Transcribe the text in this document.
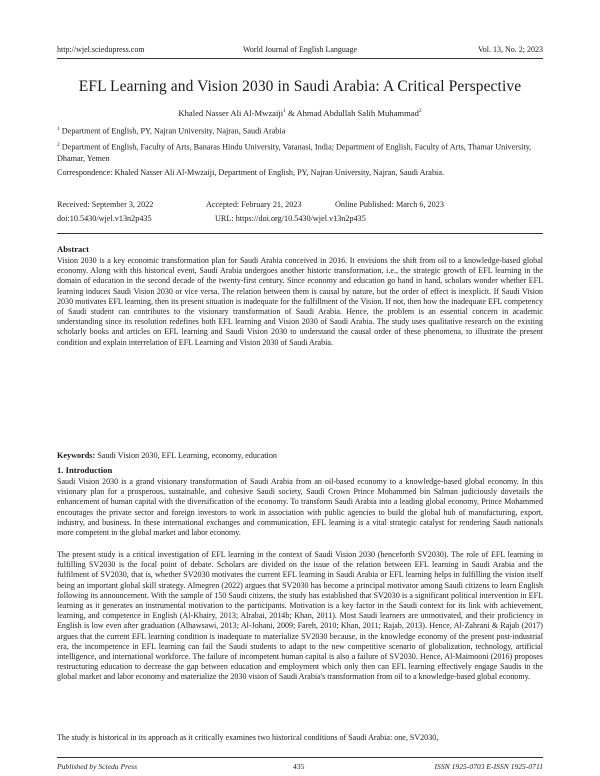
http://wjel.sciedupress.com	World Journal of English Language	Vol. 13, No. 2; 2023
EFL Learning and Vision 2030 in Saudi Arabia: A Critical Perspective
Khaled Nasser Ali Al-Mwzaiji$^1$ & Ahmad Abdullah Salih Muhammad$^2$
$^1$ Department of English, PY, Najran University, Najran, Saudi Arabia
$^2$ Department of English, Faculty of Arts, Banaras Hindu University, Varanasi, India; Department of English, Faculty of Arts, Thamar University, Dhamar, Yemen
Correspondence: Khaled Nasser Ali Al-Mwzaiji, Department of English, PY, Najran University, Najran, Saudi Arabia.
Received: September 3, 2022	Accepted: February 21, 2023	Online Published: March 6, 2023
doi:10.5430/wjel.v13n2p435	URL: https://doi.org/10.5430/wjel.v13n2p435
Abstract
Vision 2030 is a key economic transformation plan for Saudi Arabia conceived in 2016. It envisions the shift from oil to a knowledge-based global economy. Along with this historical event, Saudi Arabia undergoes another historic transformation, i.e., the strategic growth of EFL learning in the domain of education in the second decade of the twenty-first century. Since economy and education go hand in hand, scholars wonder whether EFL learning induces Saudi Vision 2030 or vice versa. The relation between them is causal by nature, but the order of effect is inexplicit. If Saudi Vision 2030 motivates EFL learning, then its present situation is inadequate for the fulfillment of the Vision. If not, then how the inadequate EFL competency of Saudi student can contributes to the visionary transformation of Saudi Arabia. Hence, the problem is an essential concern in academic understanding since its resolution redefines both EFL learning and Vision 2030 of Saudi Arabia. The study uses qualitative research on the existing scholarly books and articles on EFL learning and Saudi Vision 2030 to understand the causal order of these phenomena, to illustrate the present condition and explain interrelation of EFL Learning and Vision 2030 of Saudi Arabia.
Keywords: Saudi Vision 2030, EFL Learning, economy, education
1. Introduction
Saudi Vision 2030 is a grand visionary transformation of Saudi Arabia from an oil-based economy to a knowledge-based global economy. In this visionary plan for a prosperous, sustainable, and cohesive Saudi society, Saudi Crown Prince Mohammed bin Salman judiciously dovetails the enhancement of human capital with the diversification of the economy. To transform Saudi Arabia into a leading global economy, Prince Mohammed encourages the private sector and foreign investors to work in association with public agencies to build the global hub of manufacturing, export, industry, and business. In these international exchanges and communication, EFL learning is a vital strategic catalyst for rendering Saudi nationals more competent in the global market and labor economy.
The present study is a critical investigation of EFL learning in the context of Saudi Vision 2030 (henceforth SV2030). The role of EFL learning in fulfilling SV2030 is the focal point of debate. Scholars are divided on the issue of the relation between EFL learning in Saudi Arabia and the fulfilment of SV2030, that is, whether SV2030 motivates the current EFL learning in Saudi Arabia or EFL learning helps in fulfilling the vision itself being an important global skill strategy. Almegren (2022) argues that SV2030 has become a principal motivator among Saudi citizens to learn English following its announcement. With the sample of 150 Saudi citizens, the study has established that SV2030 is a significant political intervention in EFL learning as it generates an instrumental motivation to the participants. Motivation is a key factor in the Saudi context for its link with achievement, learning, and competence in English (Al-Khairy, 2013; Alrabai, 2014b; Khan, 2011). Most Saudi learners are unmotivated, and their proficiency in English is low even after graduation (Alhawsawi, 2013; Al-Johani, 2009; Fareh, 2010; Khan, 2011; Rajab, 2013). Hence, Al-Zahrani & Rajab (2017) argues that the current EFL learning condition is inadequate to materialize SV2030 because, in the knowledge economy of the present post-industrial era, the incompetence in EFL learning can fail the Saudi students to adapt to the new competitive scenario of globalization, technology, artificial intelligence, and international workforce. The failure of incompetent human capital is also a failure of SV2030. Hence, Al-Maimooni (2016) proposes restructuring education to decrease the gap between education and employment which only then can EFL learning effectively engage Saudis in the global market and labor economy and materialize the 2030 vision of Saudi Arabia's transformation from oil to a knowledge-based global economy.
The study is historical in its approach as it critically examines two historical conditions of Saudi Arabia: one, SV2030,
Published by Sciedu Press	435	ISSN 1925-0703 E-ISSN 1925-0711
